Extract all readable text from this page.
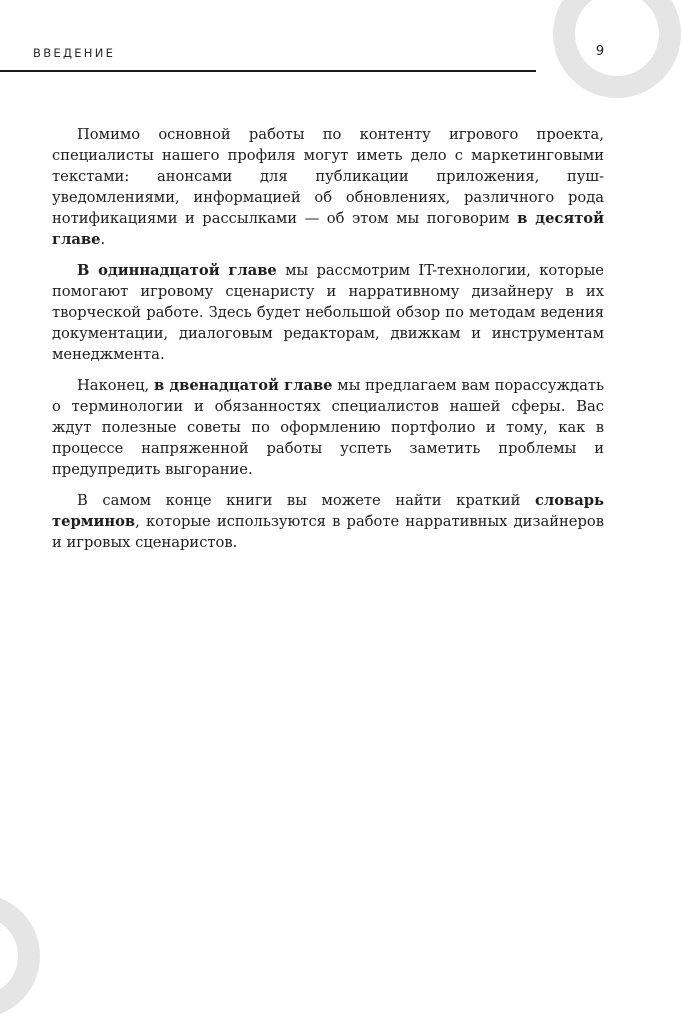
ВВЕДЕНИЕ	9

Помимо основной работы по контенту игрового проекта, специалисты нашего профиля могут иметь дело с маркетинговыми текстами: анонсами для публикации приложения, пуш-уведомлениями, информацией об обновлениях, различного рода нотификациями и рассылками — об этом мы поговорим в десятой главе.

В одиннадцатой главе мы рассмотрим IT-технологии, которые помогают игровому сценаристу и нарративному дизайнеру в их творческой работе. Здесь будет небольшой обзор по методам ведения документации, диалоговым редакторам, движкам и инструментам менеджмента.

Наконец, в двенадцатой главе мы предлагаем вам порассуждать о терминологии и обязанностях специалистов нашей сферы. Вас ждут полезные советы по оформлению портфолио и тому, как в процессе напряженной работы успеть заметить проблемы и предупредить выгорание.

В самом конце книги вы можете найти краткий словарь терминов, которые используются в работе нарративных дизайнеров и игровых сценаристов.
